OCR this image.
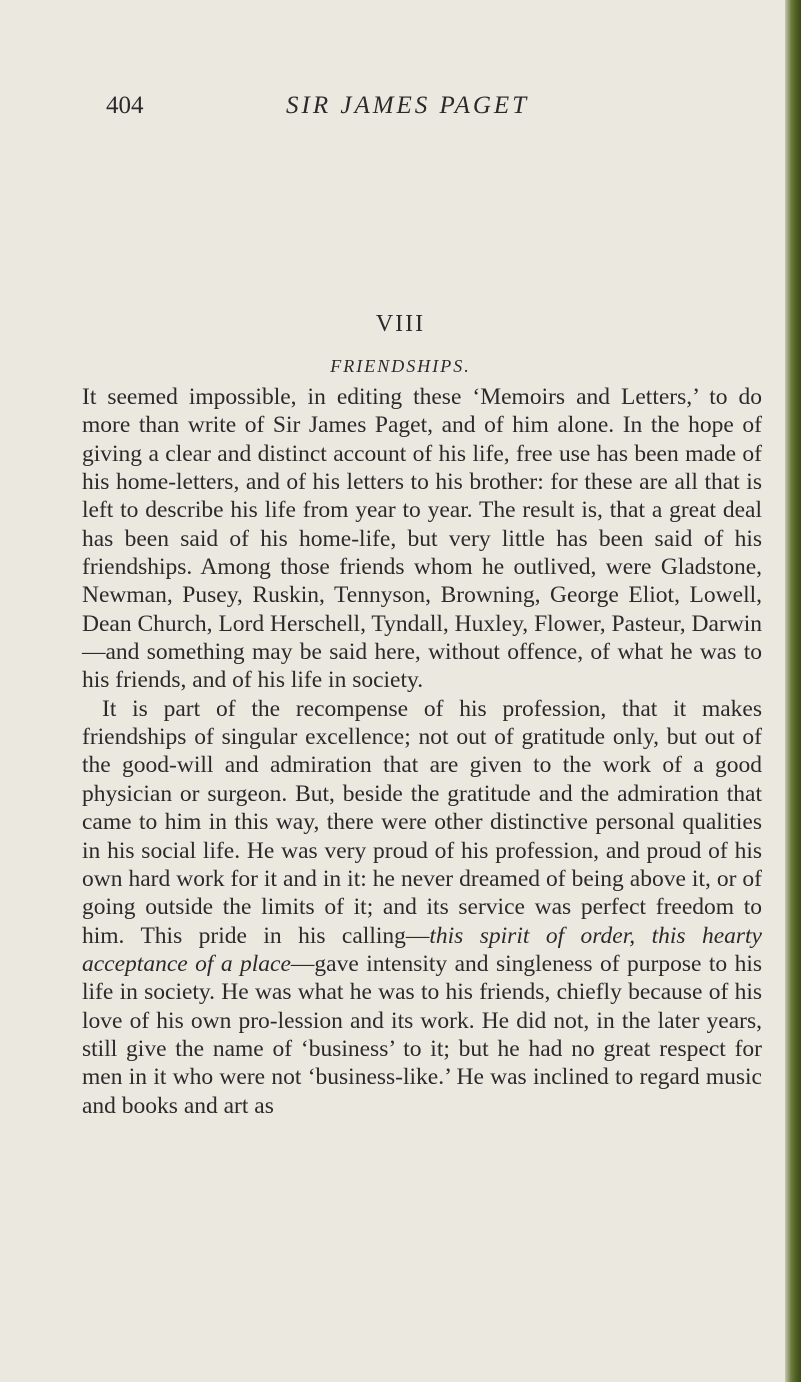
404	SIR JAMES PAGET
VIII
FRIENDSHIPS.

It seemed impossible, in editing these ‘Memoirs and Letters,’ to do more than write of Sir James Paget, and of him alone. In the hope of giving a clear and distinct account of his life, free use has been made of his home-letters, and of his letters to his brother: for these are all that is left to describe his life from year to year. The result is, that a great deal has been said of his home-life, but very little has been said of his friendships. Among those friends whom he outlived, were Gladstone, Newman, Pusey, Ruskin, Tennyson, Browning, George Eliot, Lowell, Dean Church, Lord Herschell, Tyndall, Huxley, Flower, Pasteur, Darwin—and something may be said here, without offence, of what he was to his friends, and of his life in society.

It is part of the recompense of his profession, that it makes friendships of singular excellence; not out of gratitude only, but out of the good-will and admiration that are given to the work of a good physician or surgeon. But, beside the gratitude and the admiration that came to him in this way, there were other distinctive personal qualities in his social life. He was very proud of his profession, and proud of his own hard work for it and in it: he never dreamed of being above it, or of going outside the limits of it; and its service was perfect freedom to him. This pride in his calling—this spirit of order, this hearty acceptance of a place—gave intensity and singleness of purpose to his life in society. He was what he was to his friends, chiefly because of his love of his own pro-lession and its work. He did not, in the later years, still give the name of ‘business’ to it; but he had no great respect for men in it who were not ‘business-like.’ He was inclined to regard music and books and art as
